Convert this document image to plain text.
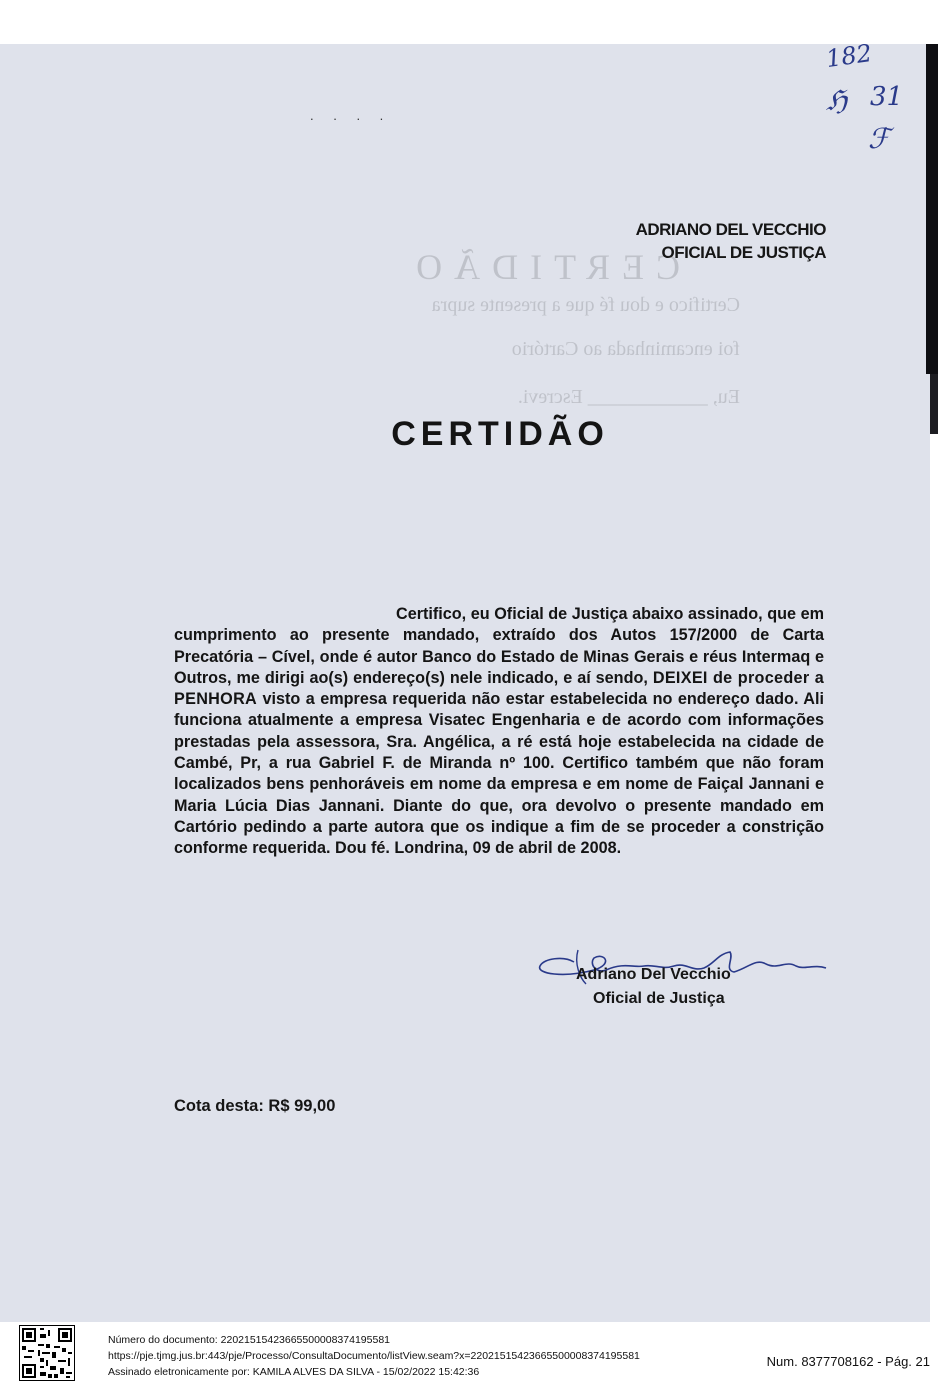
. . . .
182
ℌ 31
ℱ
ADRIANO DEL VECCHIO
OFICIAL DE JUSTIÇA
CERTIDÃO
Certifico e dou fé que a presente supra
foi encaminhada ao Cartório
Eu, ____________ Escrevi.
CERTIDÃO

Certifico, eu Oficial de Justiça abaixo assinado, que em cumprimento ao presente mandado, extraído dos Autos 157/2000 de Carta Precatória – Cível, onde é autor Banco do Estado de Minas Gerais e réus Intermaq e Outros, me dirigi ao(s) endereço(s) nele indicado, e aí sendo, DEIXEI de proceder a PENHORA visto a empresa requerida não estar estabelecida no endereço dado. Ali funciona atualmente a empresa Visatec Engenharia e de acordo com informações prestadas pela assessora, Sra. Angélica, a ré está hoje estabelecida na cidade de Cambé, Pr, a rua Gabriel F. de Miranda nº 100. Certifico também que não foram localizados bens penhoráveis em nome da empresa e em nome de Faiçal Jannani e Maria Lúcia Dias Jannani. Diante do que, ora devolvo o presente mandado em Cartório pedindo a parte autora que os indique a fim de se proceder a constrição conforme requerida. Dou fé. Londrina, 09 de abril de 2008.

Adriano Del Vecchio
Oficial de Justiça
Cota desta: R$ 99,00
Número do documento: 22021515423665500008374195581
https://pje.tjmg.jus.br:443/pje/Processo/ConsultaDocumento/listView.seam?x=22021515423665500008374195581
Assinado eletronicamente por: KAMILA ALVES DA SILVA - 15/02/2022 15:42:36
Num. 8377708162 - Pág. 21
